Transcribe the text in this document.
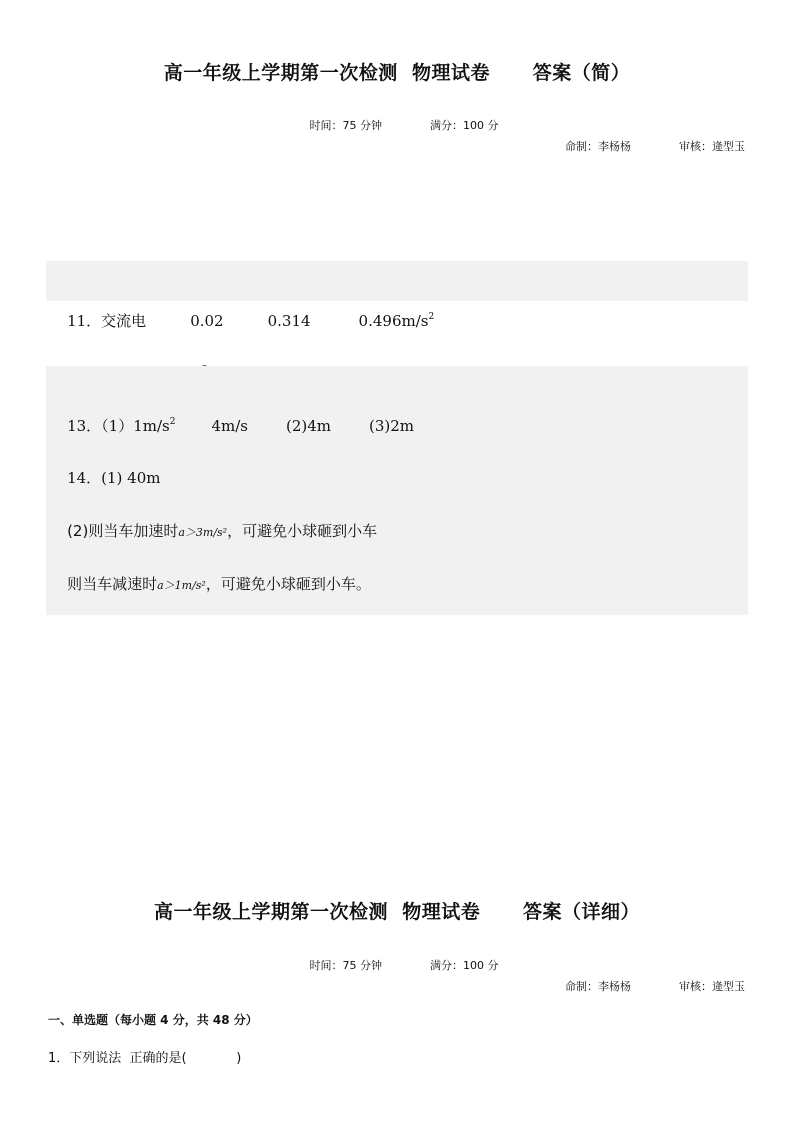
高一年级上学期第一次检测  物理试卷      答案（简）

时间：75 分钟	满分：100 分

命制：李杨杨	审核：逄型玉

11．交流电	0.02	0.314	$0.496m/s^2$

13．$(1)1m/s^2$ 4m/s	(2)4m	(3)2m

14．(1) 40m

(2)则当车加速时a＞3m/s²，可避免小球砸到小车

则当车减速时a＞1m/s²，可避免小球砸到小车。

高一年级上学期第一次检测  物理试卷      答案（详细）

时间：75 分钟	满分：100 分

命制：李杨杨	审核：逄型玉
一、单选题（每小题 4 分，共 48 分）
1．下列说法  正确的是(            )
